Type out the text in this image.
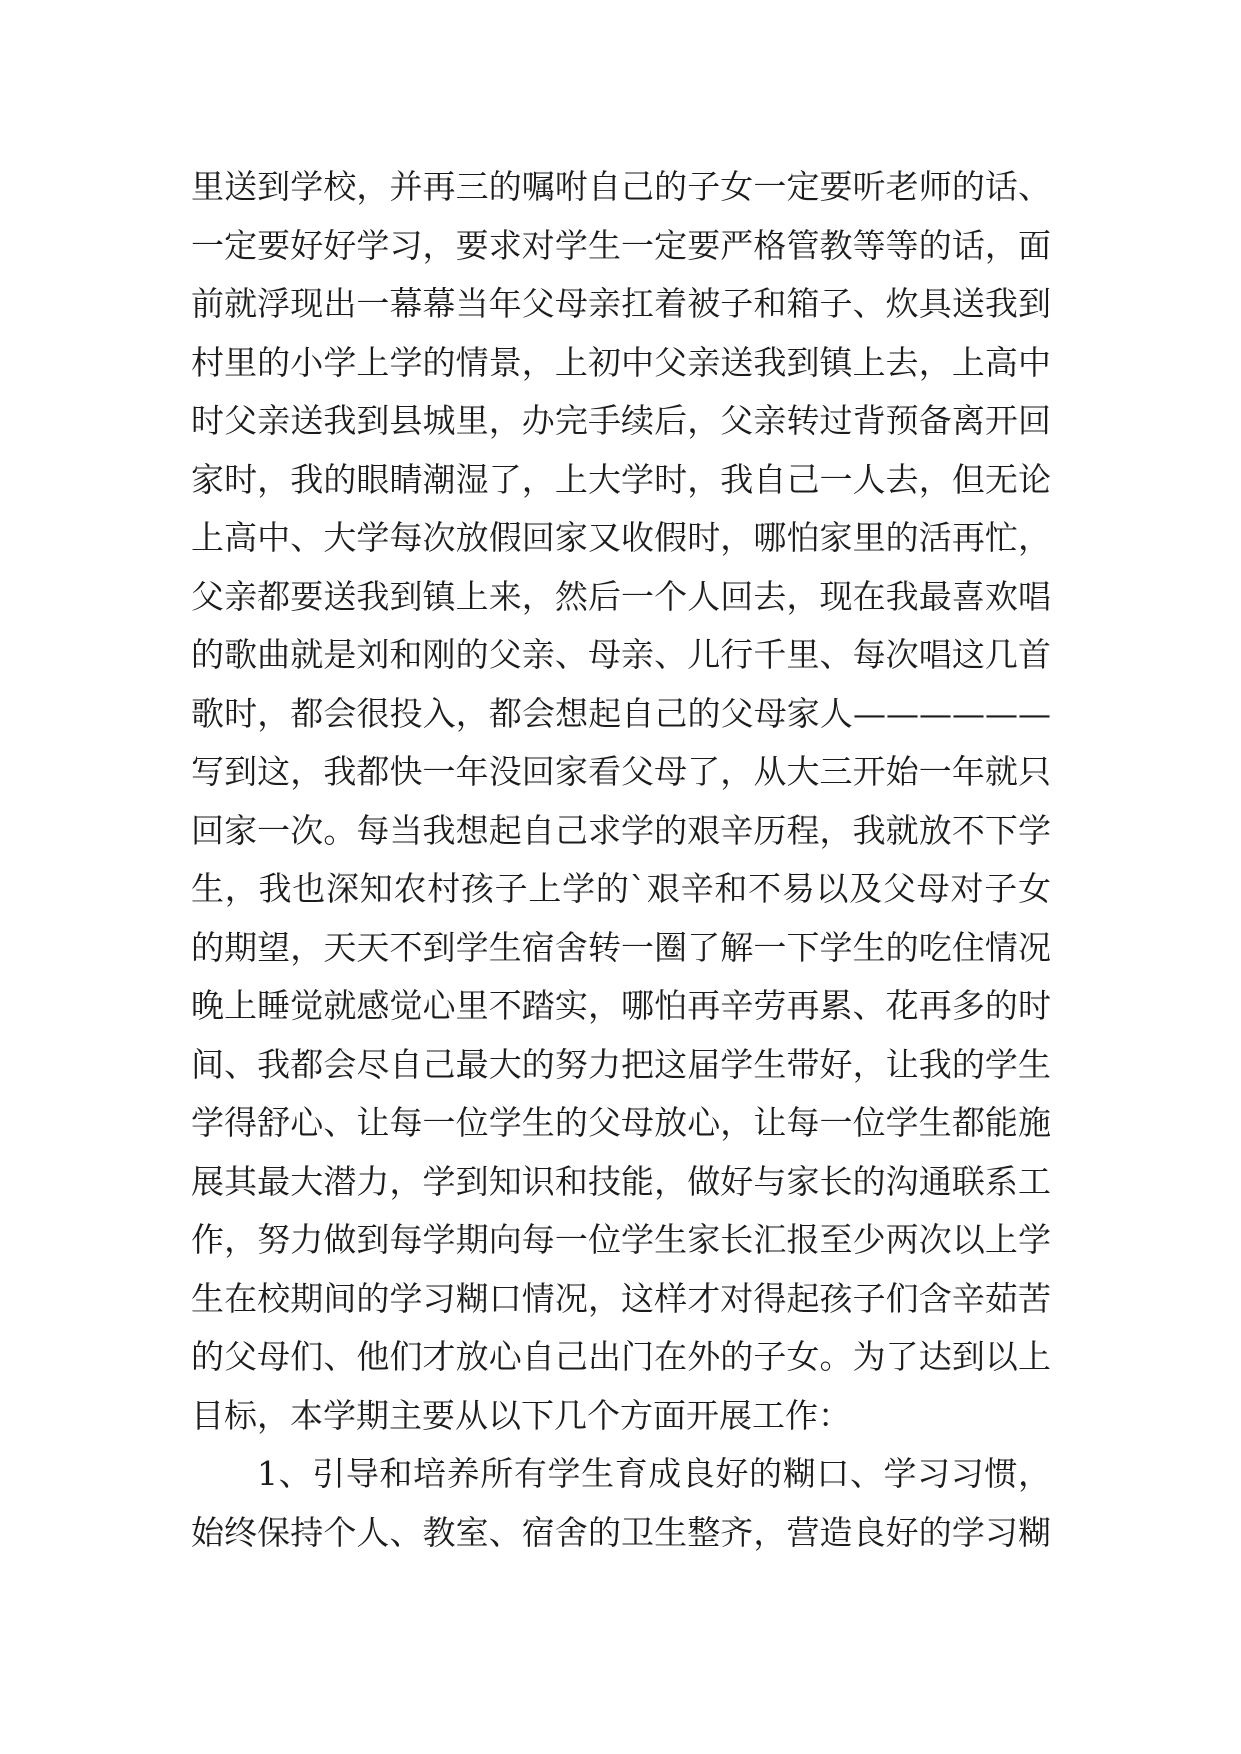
里送到学校，并再三的嘱咐自己的子女一定要听老师的话、
一定要好好学习，要求对学生一定要严格管教等等的话，面
前就浮现出一幕幕当年父母亲扛着被子和箱子、炊具送我到
村里的小学上学的情景，上初中父亲送我到镇上去，上高中
时父亲送我到县城里，办完手续后，父亲转过背预备离开回
家时，我的眼睛潮湿了，上大学时，我自己一人去，但无论
上高中、大学每次放假回家又收假时，哪怕家里的活再忙，
父亲都要送我到镇上来，然后一个人回去，现在我最喜欢唱
的歌曲就是刘和刚的父亲、母亲、儿行千里、每次唱这几首
歌时，都会很投入，都会想起自己的父母家人——————
写到这，我都快一年没回家看父母了，从大三开始一年就只
回家一次。每当我想起自己求学的艰辛历程，我就放不下学
生，我也深知农村孩子上学的`艰辛和不易以及父母对子女
的期望，天天不到学生宿舍转一圈了解一下学生的吃住情况
晚上睡觉就感觉心里不踏实，哪怕再辛劳再累、花再多的时
间、我都会尽自己最大的努力把这届学生带好，让我的学生
学得舒心、让每一位学生的父母放心，让每一位学生都能施
展其最大潜力，学到知识和技能，做好与家长的沟通联系工
作，努力做到每学期向每一位学生家长汇报至少两次以上学
生在校期间的学习糊口情况，这样才对得起孩子们含辛茹苦
的父母们、他们才放心自己出门在外的子女。为了达到以上
目标，本学期主要从以下几个方面开展工作：
1、引导和培养所有学生育成良好的糊口、学习习惯，
始终保持个人、教室、宿舍的卫生整齐，营造良好的学习糊
